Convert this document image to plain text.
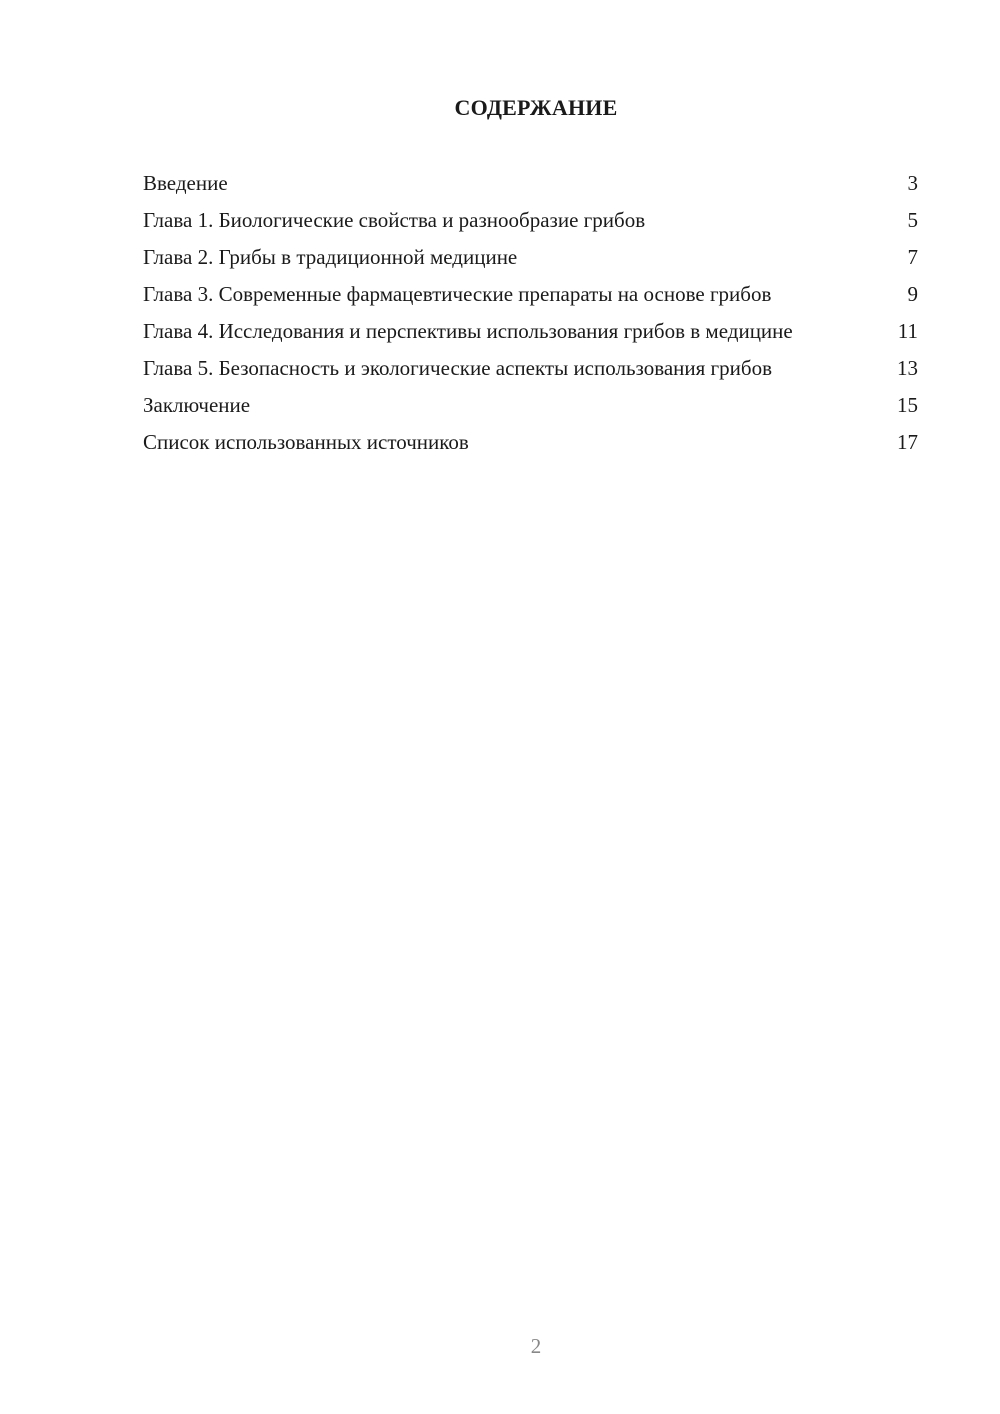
СОДЕРЖАНИЕ
Введение	3
Глава 1. Биологические свойства и разнообразие грибов	5
Глава 2. Грибы в традиционной медицине	7
Глава 3. Современные фармацевтические препараты на основе грибов	9
Глава 4. Исследования и перспективы использования грибов в медицине	11
Глава 5. Безопасность и экологические аспекты использования грибов	13
Заключение	15
Список использованных источников	17
2
